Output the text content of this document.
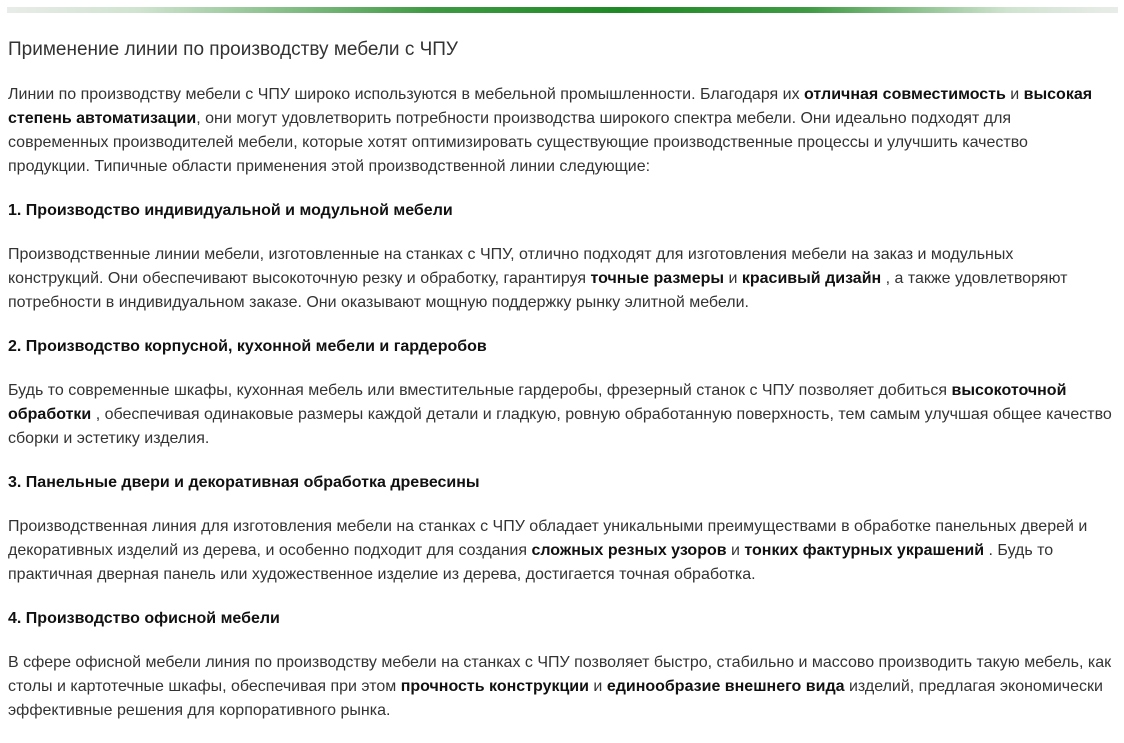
Применение линии по производству мебели с ЧПУ

Линии по производству мебели с ЧПУ широко используются в мебельной промышленности. Благодаря их отличная совместимость и высокая степень автоматизации, они могут удовлетворить потребности производства широкого спектра мебели. Они идеально подходят для современных производителей мебели, которые хотят оптимизировать существующие производственные процессы и улучшить качество продукции. Типичные области применения этой производственной линии следующие:

1. Производство индивидуальной и модульной мебели

Производственные линии мебели, изготовленные на станках с ЧПУ, отлично подходят для изготовления мебели на заказ и модульных конструкций. Они обеспечивают высокоточную резку и обработку, гарантируя точные размеры и красивый дизайн , а также удовлетворяют потребности в индивидуальном заказе. Они оказывают мощную поддержку рынку элитной мебели.

2. Производство корпусной, кухонной мебели и гардеробов

Будь то современные шкафы, кухонная мебель или вместительные гардеробы, фрезерный станок с ЧПУ позволяет добиться высокоточной обработки , обеспечивая одинаковые размеры каждой детали и гладкую, ровную обработанную поверхность, тем самым улучшая общее качество сборки и эстетику изделия.

3. Панельные двери и декоративная обработка древесины

Производственная линия для изготовления мебели на станках с ЧПУ обладает уникальными преимуществами в обработке панельных дверей и декоративных изделий из дерева, и особенно подходит для создания сложных резных узоров и тонких фактурных украшений . Будь то практичная дверная панель или художественное изделие из дерева, достигается точная обработка.

4. Производство офисной мебели

В сфере офисной мебели линия по производству мебели на станках с ЧПУ позволяет быстро, стабильно и массово производить такую мебель, как столы и картотечные шкафы, обеспечивая при этом прочность конструкции и единообразие внешнего вида изделий, предлагая экономически эффективные решения для корпоративного рынка.
